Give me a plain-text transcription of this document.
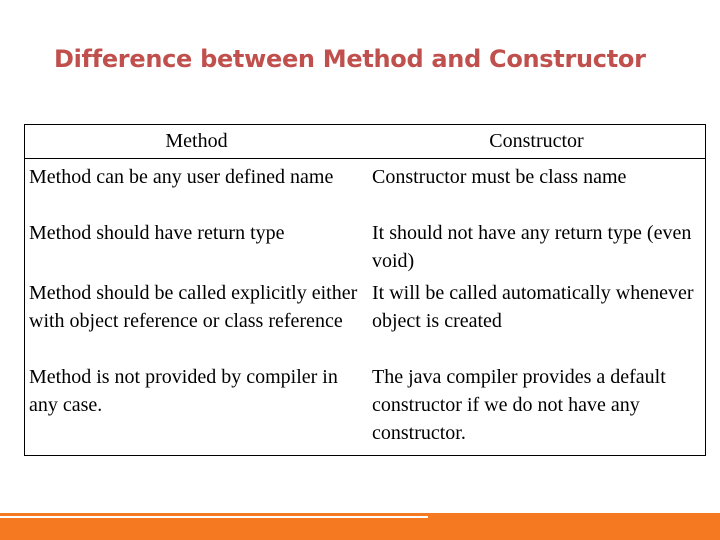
Difference between Method and Constructor
Method	Constructor
Method can be any user defined name	Constructor must be class name
Method should have return type	It should not have any return type (even void)
Method should be called explicitly either with object reference or class reference	It will be called automatically whenever object is created
Method is not provided by compiler in any case.	The java compiler provides a default constructor if we do not have any constructor.
